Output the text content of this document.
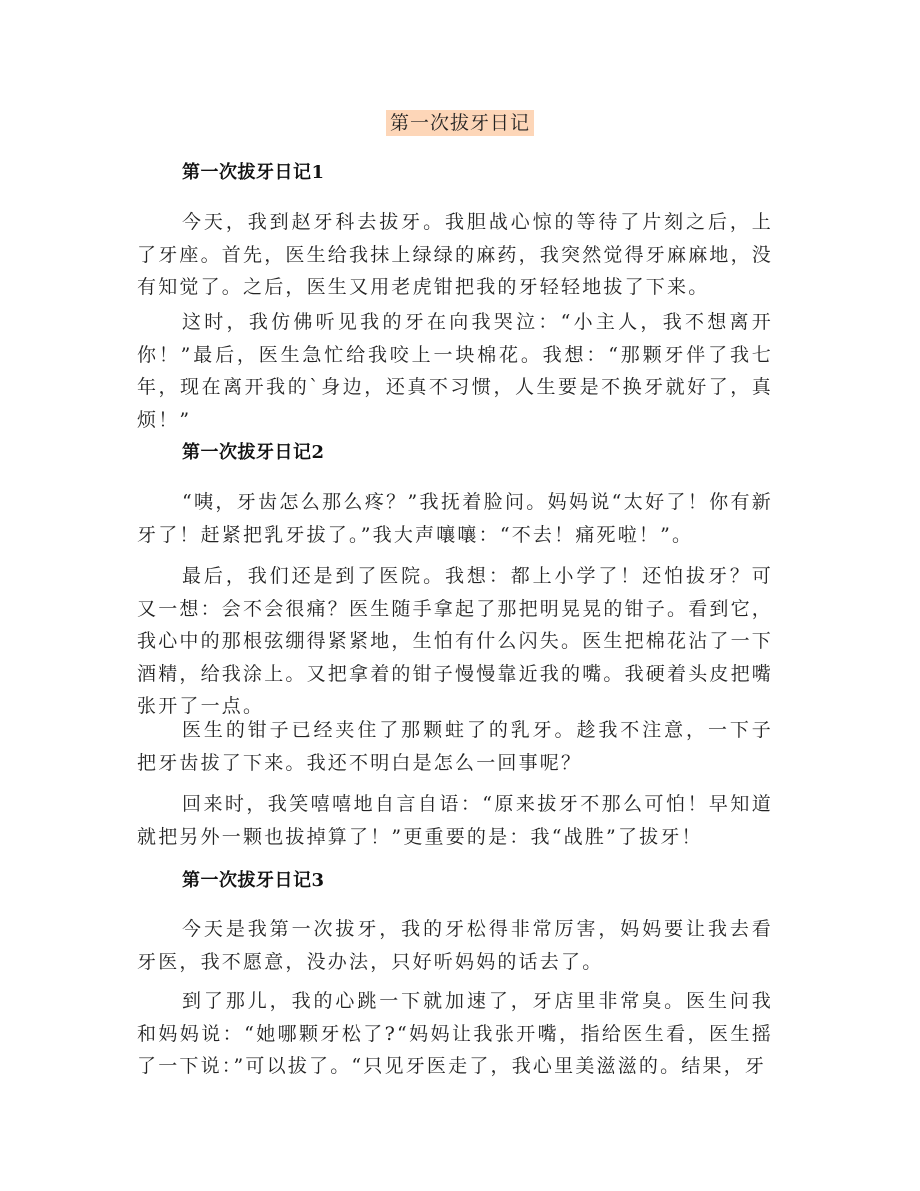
第一次拔牙日记
第一次拔牙日记1

今天，我到赵牙科去拔牙。我胆战心惊的等待了片刻之后，上了牙座。首先，医生给我抹上绿绿的麻药，我突然觉得牙麻麻地，没有知觉了。之后，医生又用老虎钳把我的牙轻轻地拔了下来。

这时，我仿佛听见我的牙在向我哭泣：“小主人，我不想离开你！”最后，医生急忙给我咬上一块棉花。我想：“那颗牙伴了我七年，现在离开我的`身边，还真不习惯，人生要是不换牙就好了，真烦！”

第一次拔牙日记2

“咦，牙齿怎么那么疼？”我抚着脸问。妈妈说“太好了！你有新牙了！赶紧把乳牙拔了。”我大声嚷嚷：“不去！痛死啦！”。

最后，我们还是到了医院。我想：都上小学了！还怕拔牙？可又一想：会不会很痛？医生随手拿起了那把明晃晃的钳子。看到它，我心中的那根弦绷得紧紧地，生怕有什么闪失。医生把棉花沾了一下酒精，给我涂上。又把拿着的钳子慢慢靠近我的嘴。我硬着头皮把嘴张开了一点。

医生的钳子已经夹住了那颗蛀了的乳牙。趁我不注意，一下子把牙齿拔了下来。我还不明白是怎么一回事呢？

回来时，我笑嘻嘻地自言自语：“原来拔牙不那么可怕！早知道就把另外一颗也拔掉算了！”更重要的是：我“战胜”了拔牙！

第一次拔牙日记3

今天是我第一次拔牙，我的牙松得非常厉害，妈妈要让我去看牙医，我不愿意，没办法，只好听妈妈的话去了。

到了那儿，我的心跳一下就加速了，牙店里非常臭。医生问我和妈妈说：“她哪颗牙松了?“妈妈让我张开嘴，指给医生看，医生摇了一下说：”可以拔了。“只见牙医走了，我心里美滋滋的。结果，牙
